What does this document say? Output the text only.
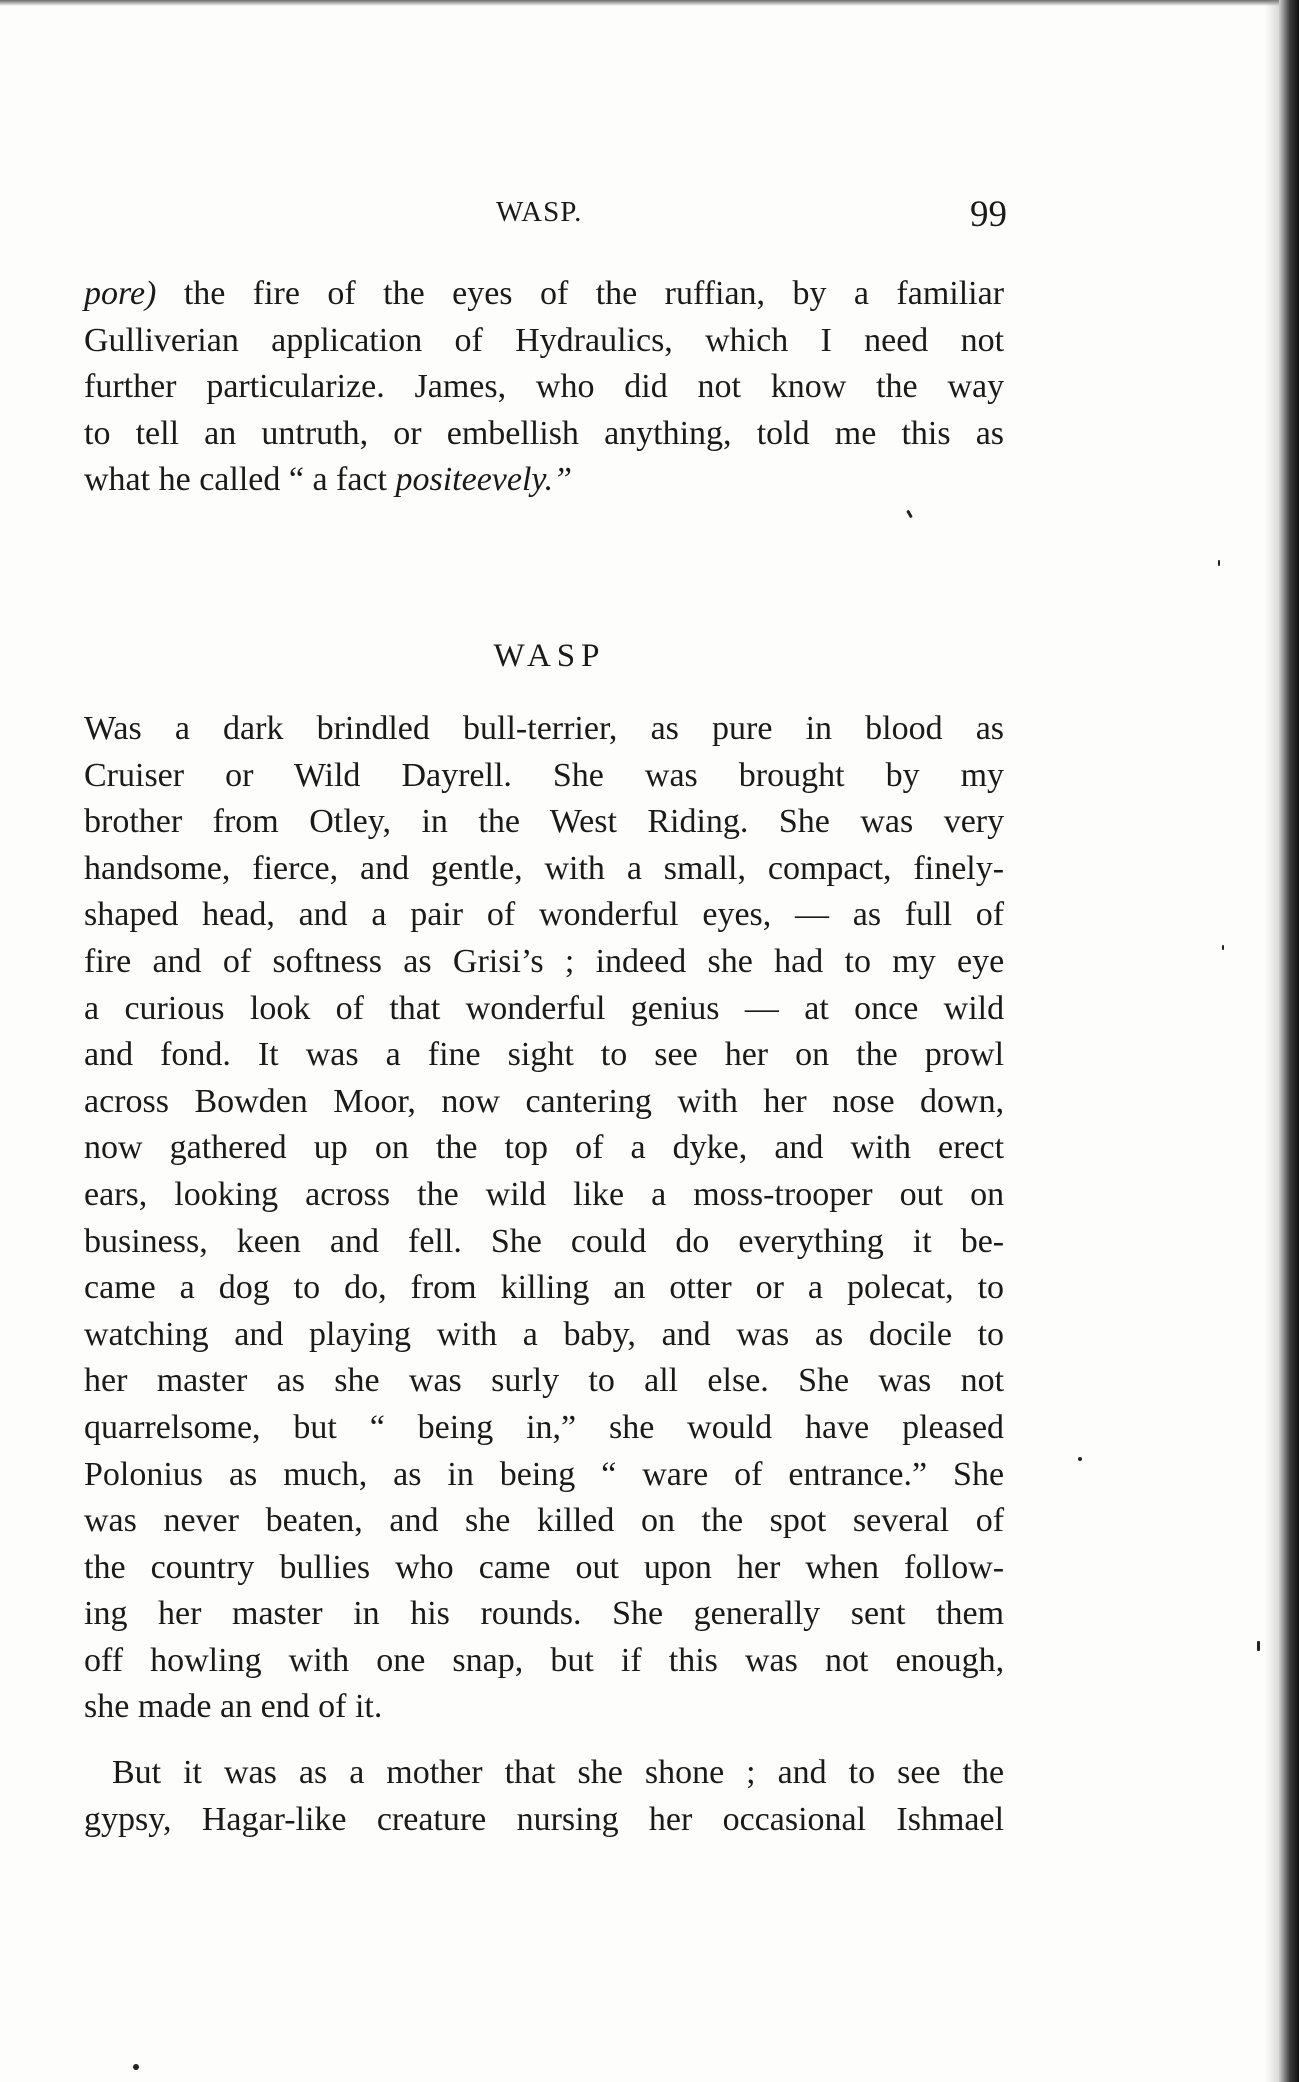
WASP.	99
pore) the fire of the eyes of the ruffian, by a familiar
Gulliverian application of Hydraulics, which I need not
further particularize. James, who did not know the way
to tell an untruth, or embellish anything, told me this as
what he called “ a fact positeevely.”
WASP
Was a dark brindled bull-terrier, as pure in blood as
Cruiser or Wild Dayrell. She was brought by my
brother from Otley, in the West Riding. She was very
handsome, fierce, and gentle, with a small, compact, finely-
shaped head, and a pair of wonderful eyes, — as full of
fire and of softness as Grisi’s ; indeed she had to my eye
a curious look of that wonderful genius — at once wild
and fond. It was a fine sight to see her on the prowl
across Bowden Moor, now cantering with her nose down,
now gathered up on the top of a dyke, and with erect
ears, looking across the wild like a moss-trooper out on
business, keen and fell. She could do everything it be-
came a dog to do, from killing an otter or a polecat, to
watching and playing with a baby, and was as docile to
her master as she was surly to all else. She was not
quarrelsome, but “ being in,” she would have pleased
Polonius as much, as in being “ ware of entrance.” She
was never beaten, and she killed on the spot several of
the country bullies who came out upon her when follow-
ing her master in his rounds. She generally sent them
off howling with one snap, but if this was not enough,
she made an end of it.
But it was as a mother that she shone ; and to see the
gypsy, Hagar-like creature nursing her occasional Ishmael
